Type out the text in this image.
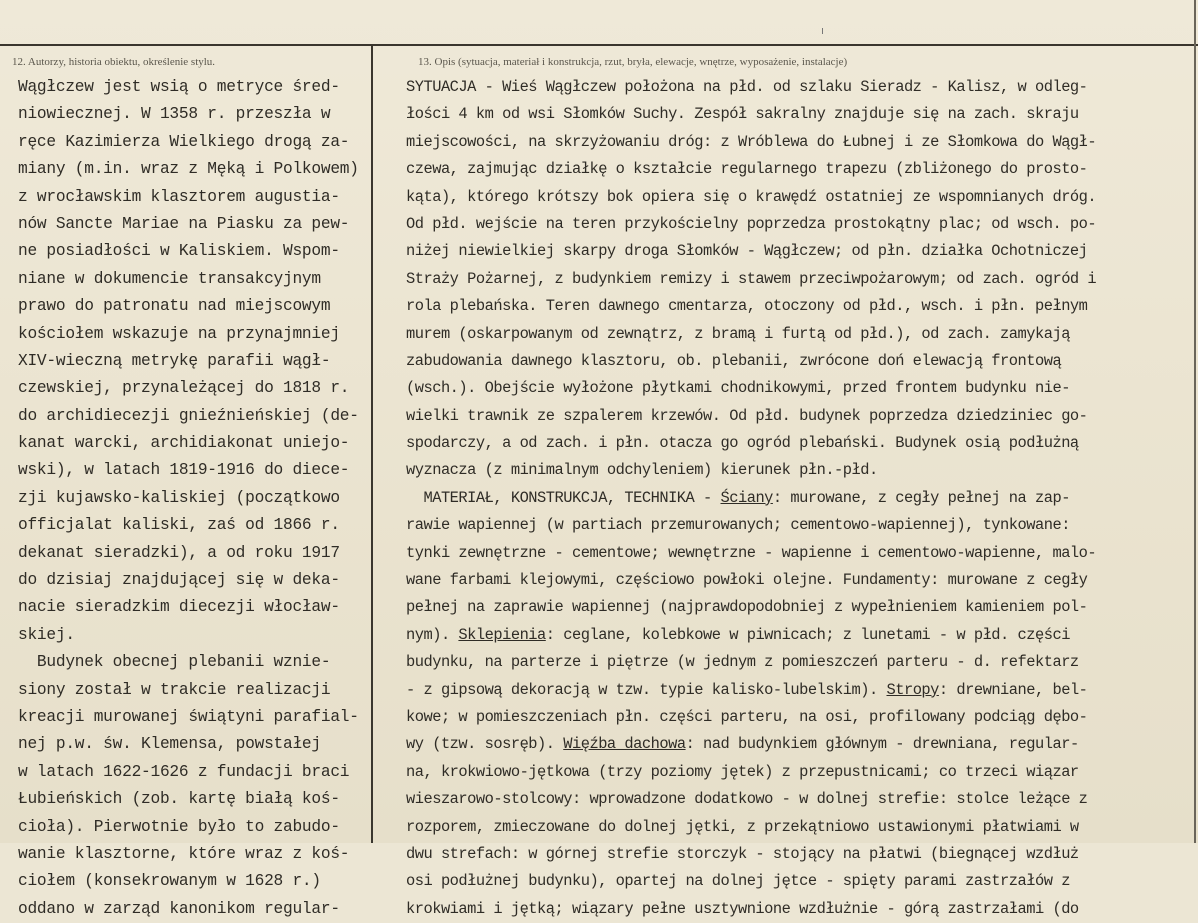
12. Autorzy, historia obiektu, określenie stylu.	13. Opis (sytuacja, materiał i konstrukcja, rzut, bryła, elewacje, wnętrze, wyposażenie, instalacje)
Wągłczew jest wsią o metryce śred-
niowiecznej. W 1358 r. przeszła w
ręce Kazimierza Wielkiego drogą za-
miany (m.in. wraz z Męką i Polkowem)
z wrocławskim klasztorem augustia-
nów Sancte Mariae na Piasku za pew-
ne posiadłości w Kaliskiem. Wspom-
niane w dokumencie transakcyjnym
prawo do patronatu nad miejscowym
kościołem wskazuje na przynajmniej
XIV-wieczną metrykę parafii wągł-
czewskiej, przynależącej do 1818 r.
do archidiecezji gnieźnieńskiej (de-
kanat warcki, archidiakonat uniejo-
wski), w latach 1819-1916 do diece-
zji kujawsko-kaliskiej (początkowo
officjalat kaliski, zaś od 1866 r.
dekanat sieradzki), a od roku 1917
do dzisiaj znajdującej się w deka-
nacie sieradzkim diecezji włocław-
skiej.
Budynek obecnej plebanii wznie-
siony został w trakcie realizacji
kreacji murowanej świątyni parafial-
nej p.w. św. Klemensa, powstałej
w latach 1622-1626 z fundacji braci
Łubieńskich (zob. kartę białą koś-
cioła). Pierwotnie było to zabudo-
wanie klasztorne, które wraz z koś-
ciołem (konsekrowanym w 1628 r.)
oddano w zarząd kanonikom regular-
SYTUACJA - Wieś Wągłczew położona na płd. od szlaku Sieradz - Kalisz, w odleg-
łości 4 km od wsi Słomków Suchy. Zespół sakralny znajduje się na zach. skraju
miejscowości, na skrzyżowaniu dróg: z Wróblewa do Łubnej i ze Słomkowa do Wągł-
czewa, zajmując działkę o kształcie regularnego trapezu (zbliżonego do prosto-
kąta), którego krótszy bok opiera się o krawędź ostatniej ze wspomnianych dróg.
Od płd. wejście na teren przykościelny poprzedza prostokątny plac; od wsch. po-
niżej niewielkiej skarpy droga Słomków - Wągłczew; od płn. działka Ochotniczej
Straży Pożarnej, z budynkiem remizy i stawem przeciwpożarowym; od zach. ogród i
rola plebańska. Teren dawnego cmentarza, otoczony od płd., wsch. i płn. pełnym
murem (oskarpowanym od zewnątrz, z bramą i furtą od płd.), od zach. zamykają
zabudowania dawnego klasztoru, ob. plebanii, zwrócone doń elewacją frontową
(wsch.). Obejście wyłożone płytkami chodnikowymi, przed frontem budynku nie-
wielki trawnik ze szpalerem krzewów. Od płd. budynek poprzedza dziedziniec go-
spodarczy, a od zach. i płn. otacza go ogród plebański. Budynek osią podłużną
wyznacza (z minimalnym odchyleniem) kierunek płn.-płd.
MATERIAŁ, KONSTRUKCJA, TECHNIKA - Ściany: murowane, z cegły pełnej na zap-
rawie wapiennej (w partiach przemurowanych; cementowo-wapiennej), tynkowane:
tynki zewnętrzne - cementowe; wewnętrzne - wapienne i cementowo-wapienne, malo-
wane farbami klejowymi, częściowo powłoki olejne. Fundamenty: murowane z cegły
pełnej na zaprawie wapiennej (najprawdopodobniej z wypełnieniem kamieniem pol-
nym). Sklepienia: ceglane, kolebkowe w piwnicach; z lunetami - w płd. części
budynku, na parterze i piętrze (w jednym z pomieszczeń parteru - d. refektarz
- z gipsową dekoracją w tzw. typie kalisko-lubelskim). Stropy: drewniane, bel-
kowe; w pomieszczeniach płn. części parteru, na osi, profilowany podciąg dębo-
wy (tzw. sosręb). Więźba dachowa: nad budynkiem głównym - drewniana, regular-
na, krokwiowo-jętkowa (trzy poziomy jętek) z przepustnicami; co trzeci wiązar
wieszarowo-stolcowy: wprowadzone dodatkowo - w dolnej strefie: stolce leżące z
rozporem, zmieczowane do dolnej jętki, z przekątniowo ustawionymi płatwiami w
dwu strefach: w górnej strefie storczyk - stojący na płatwi (biegnącej wzdłuż
osi podłużnej budynku), opartej na dolnej jętce - spięty parami zastrzałów z
krokwiami i jętką; wiązary pełne usztywnione wzdłużnie - górą zastrzałami (do
